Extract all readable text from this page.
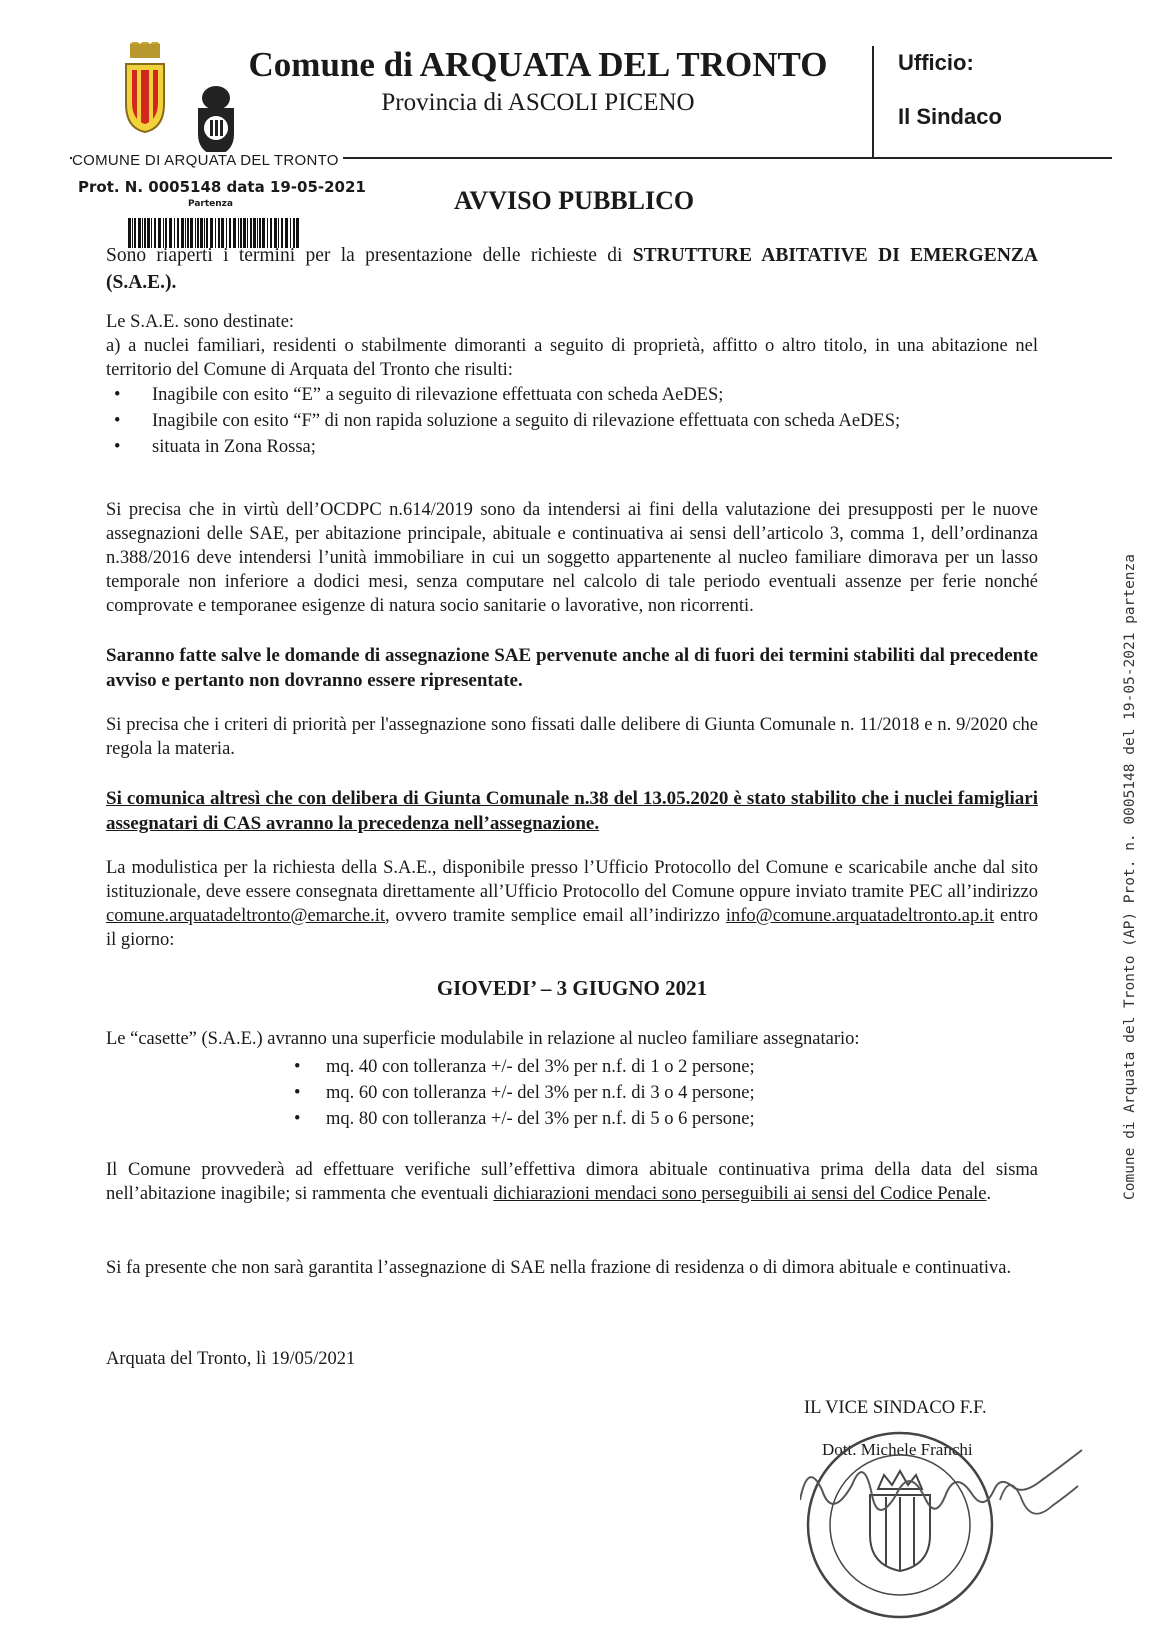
Comune di ARQUATA DEL TRONTO
Provincia di ASCOLI PICENO
Ufficio:
Il Sindaco
COMUNE DI ARQUATA DEL TRONTO
Prot. N. 0005148 data 19-05-2021
Partenza	AVVISO PUBBLICO
Sono riaperti i termini per la presentazione delle richieste di STRUTTURE ABITATIVE DI EMERGENZA (S.A.E.).
Le S.A.E. sono destinate:
a) a nuclei familiari, residenti o stabilmente dimoranti a seguito di proprietà, affitto o altro titolo, in una abitazione nel territorio del Comune di Arquata del Tronto che risulti:
• Inagibile con esito “E” a seguito di rilevazione effettuata con scheda AeDES;
• Inagibile con esito “F” di non rapida soluzione a seguito di rilevazione effettuata con scheda AeDES;
• situata in Zona Rossa;
Si precisa che in virtù dell’OCDPC n.614/2019 sono da intendersi ai fini della valutazione dei presupposti per le nuove assegnazioni delle SAE, per abitazione principale, abituale e continuativa ai sensi dell’articolo 3, comma 1, dell’ordinanza n.388/2016 deve intendersi l’unità immobiliare in cui un soggetto appartenente al nucleo familiare dimorava per un lasso temporale non inferiore a dodici mesi, senza computare nel calcolo di tale periodo eventuali assenze per ferie nonché comprovate e temporanee esigenze di natura socio sanitarie o lavorative, non ricorrenti.
Saranno fatte salve le domande di assegnazione SAE pervenute anche al di fuori dei termini stabiliti dal precedente avviso e pertanto non dovranno essere ripresentate.
Si precisa che i criteri di priorità per l'assegnazione sono fissati dalle delibere di Giunta Comunale n. 11/2018 e n. 9/2020 che regola la materia.
Si comunica altresì che con delibera di Giunta Comunale n.38 del 13.05.2020 è stato stabilito che i nuclei famigliari assegnatari di CAS avranno la precedenza nell’assegnazione.
La modulistica per la richiesta della S.A.E., disponibile presso l’Ufficio Protocollo del Comune e scaricabile anche dal sito istituzionale, deve essere consegnata direttamente all’Ufficio Protocollo del Comune oppure inviato tramite PEC all’indirizzo comune.arquatadeltronto@emarche.it, ovvero tramite semplice email all’indirizzo info@comune.arquatadeltronto.ap.it entro il giorno:
GIOVEDI’ – 3 GIUGNO 2021
Le “casette” (S.A.E.) avranno una superficie modulabile in relazione al nucleo familiare assegnatario:
• mq. 40 con tolleranza +/- del 3% per n.f. di 1 o 2 persone;
• mq. 60 con tolleranza +/- del 3% per n.f. di 3 o 4 persone;
• mq. 80 con tolleranza +/- del 3% per n.f. di 5 o 6 persone;
Il Comune provvederà ad effettuare verifiche sull’effettiva dimora abituale continuativa prima della data del sisma nell’abitazione inagibile; si rammenta che eventuali dichiarazioni mendaci sono perseguibili ai sensi del Codice Penale.
Si fa presente che non sarà garantita l’assegnazione di SAE nella frazione di residenza o di dimora abituale e continuativa.
Arquata del Tronto, lì 19/05/2021
IL VICE SINDACO F.F.
Dott. Michele Franchi
Comune di Arquata del Tronto (AP) Prot. n. 0005148 del 19-05-2021 partenza
